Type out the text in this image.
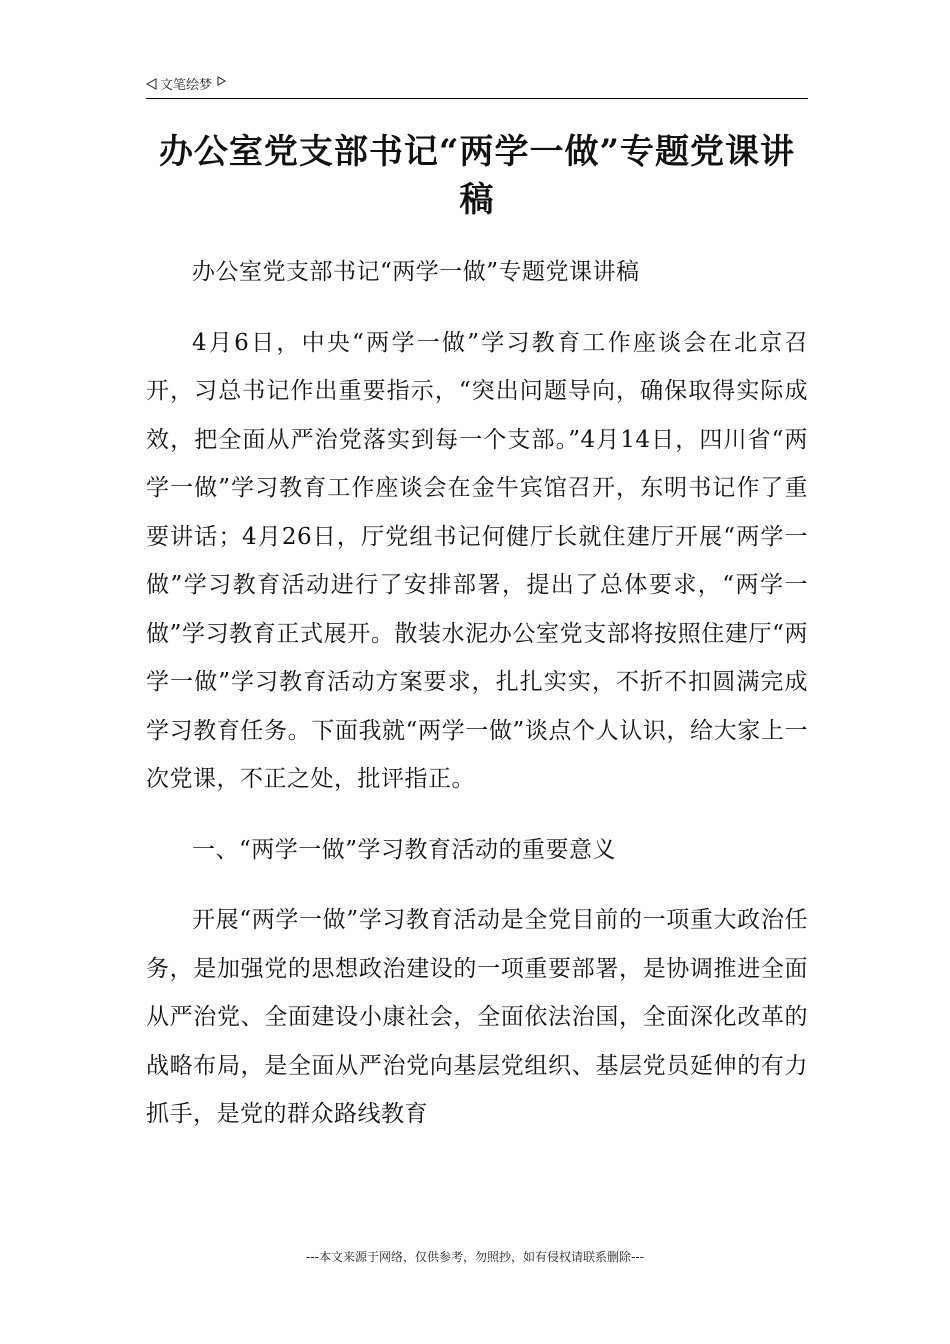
文笔绘梦
办公室党支部书记“两学一做”专题党课讲稿

办公室党支部书记“两学一做”专题党课讲稿

4月6日，中央“两学一做”学习教育工作座谈会在北京召开，习总书记作出重要指示，“突出问题导向，确保取得实际成效，把全面从严治党落实到每一个支部。”4月14日，四川省“两学一做”学习教育工作座谈会在金牛宾馆召开，东明书记作了重要讲话；4月26日，厅党组书记何健厅长就住建厅开展“两学一做”学习教育活动进行了安排部署，提出了总体要求，“两学一做”学习教育正式展开。散装水泥办公室党支部将按照住建厅“两学一做”学习教育活动方案要求，扎扎实实，不折不扣圆满完成学习教育任务。下面我就“两学一做”谈点个人认识，给大家上一次党课，不正之处，批评指正。

一、“两学一做”学习教育活动的重要意义

开展“两学一做”学习教育活动是全党目前的一项重大政治任务，是加强党的思想政治建设的一项重要部署，是协调推进全面从严治党、全面建设小康社会，全面依法治国，全面深化改革的战略布局，是全面从严治党向基层党组织、基层党员延伸的有力抓手，是党的群众路线教育

---本文来源于网络，仅供参考，勿照抄，如有侵权请联系删除---
